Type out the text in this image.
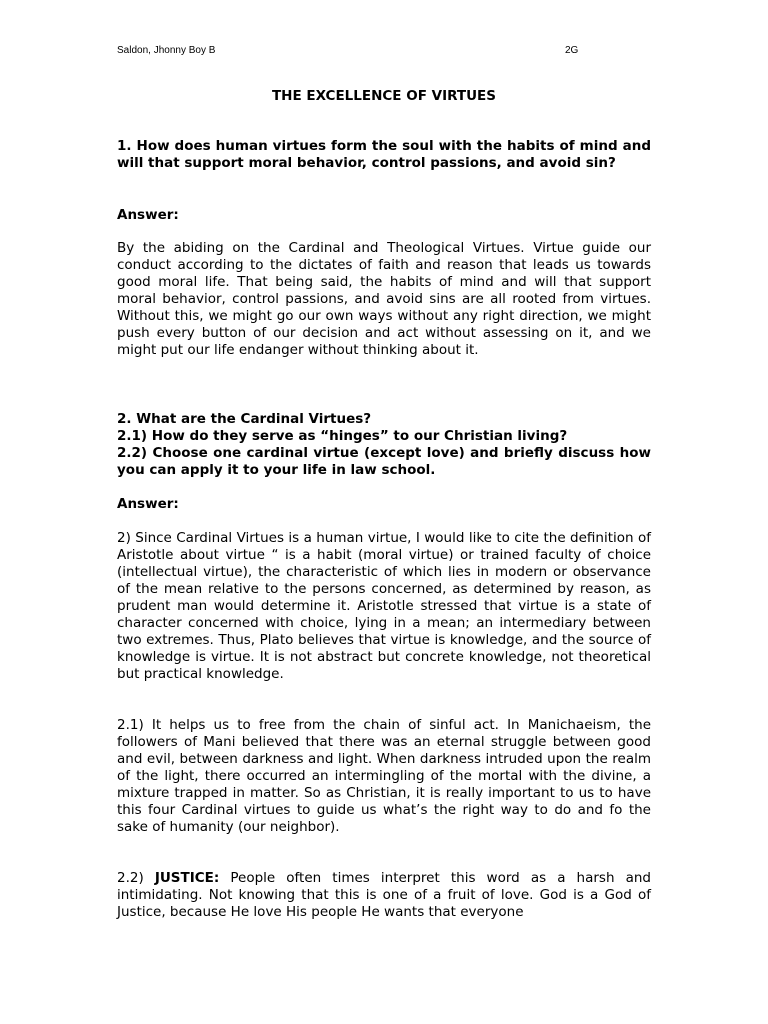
Saldon, Jhonny Boy B	2G
THE EXCELLENCE OF VIRTUES
1. How does human virtues form the soul with the habits of mind and will that support moral behavior, control passions, and avoid sin?
Answer:
By the abiding on the Cardinal and Theological Virtues. Virtue guide our conduct according to the dictates of faith and reason that leads us towards good moral life. That being said, the habits of mind and will that support moral behavior, control passions, and avoid sins are all rooted from virtues. Without this, we might go our own ways without any right direction, we might push every button of our decision and act without assessing on it, and we might put our life endanger without thinking about it.
2. What are the Cardinal Virtues?
2.1) How do they serve as “hinges” to our Christian living?
2.2) Choose one cardinal virtue (except love) and briefly discuss how you can apply it to your life in law school.
Answer:
2) Since Cardinal Virtues is a human virtue, I would like to cite the definition of Aristotle about virtue “ is a habit (moral virtue) or trained faculty of choice (intellectual virtue), the characteristic of which lies in modern or observance of the mean relative to the persons concerned, as determined by reason, as prudent man would determine it. Aristotle stressed that virtue is a state of character concerned with choice, lying in a mean; an intermediary between two extremes. Thus, Plato believes that virtue is knowledge, and the source of knowledge is virtue. It is not abstract but concrete knowledge, not theoretical but practical knowledge.
2.1) It helps us to free from the chain of sinful act. In Manichaeism, the followers of Mani believed that there was an eternal struggle between good and evil, between darkness and light. When darkness intruded upon the realm of the light, there occurred an intermingling of the mortal with the divine, a mixture trapped in matter. So as Christian, it is really important to us to have this four Cardinal virtues to guide us what’s the right way to do and fo the sake of humanity (our neighbor).
2.2) JUSTICE: People often times interpret this word as a harsh and intimidating. Not knowing that this is one of a fruit of love. God is a God of Justice, because He love His people He wants that everyone
